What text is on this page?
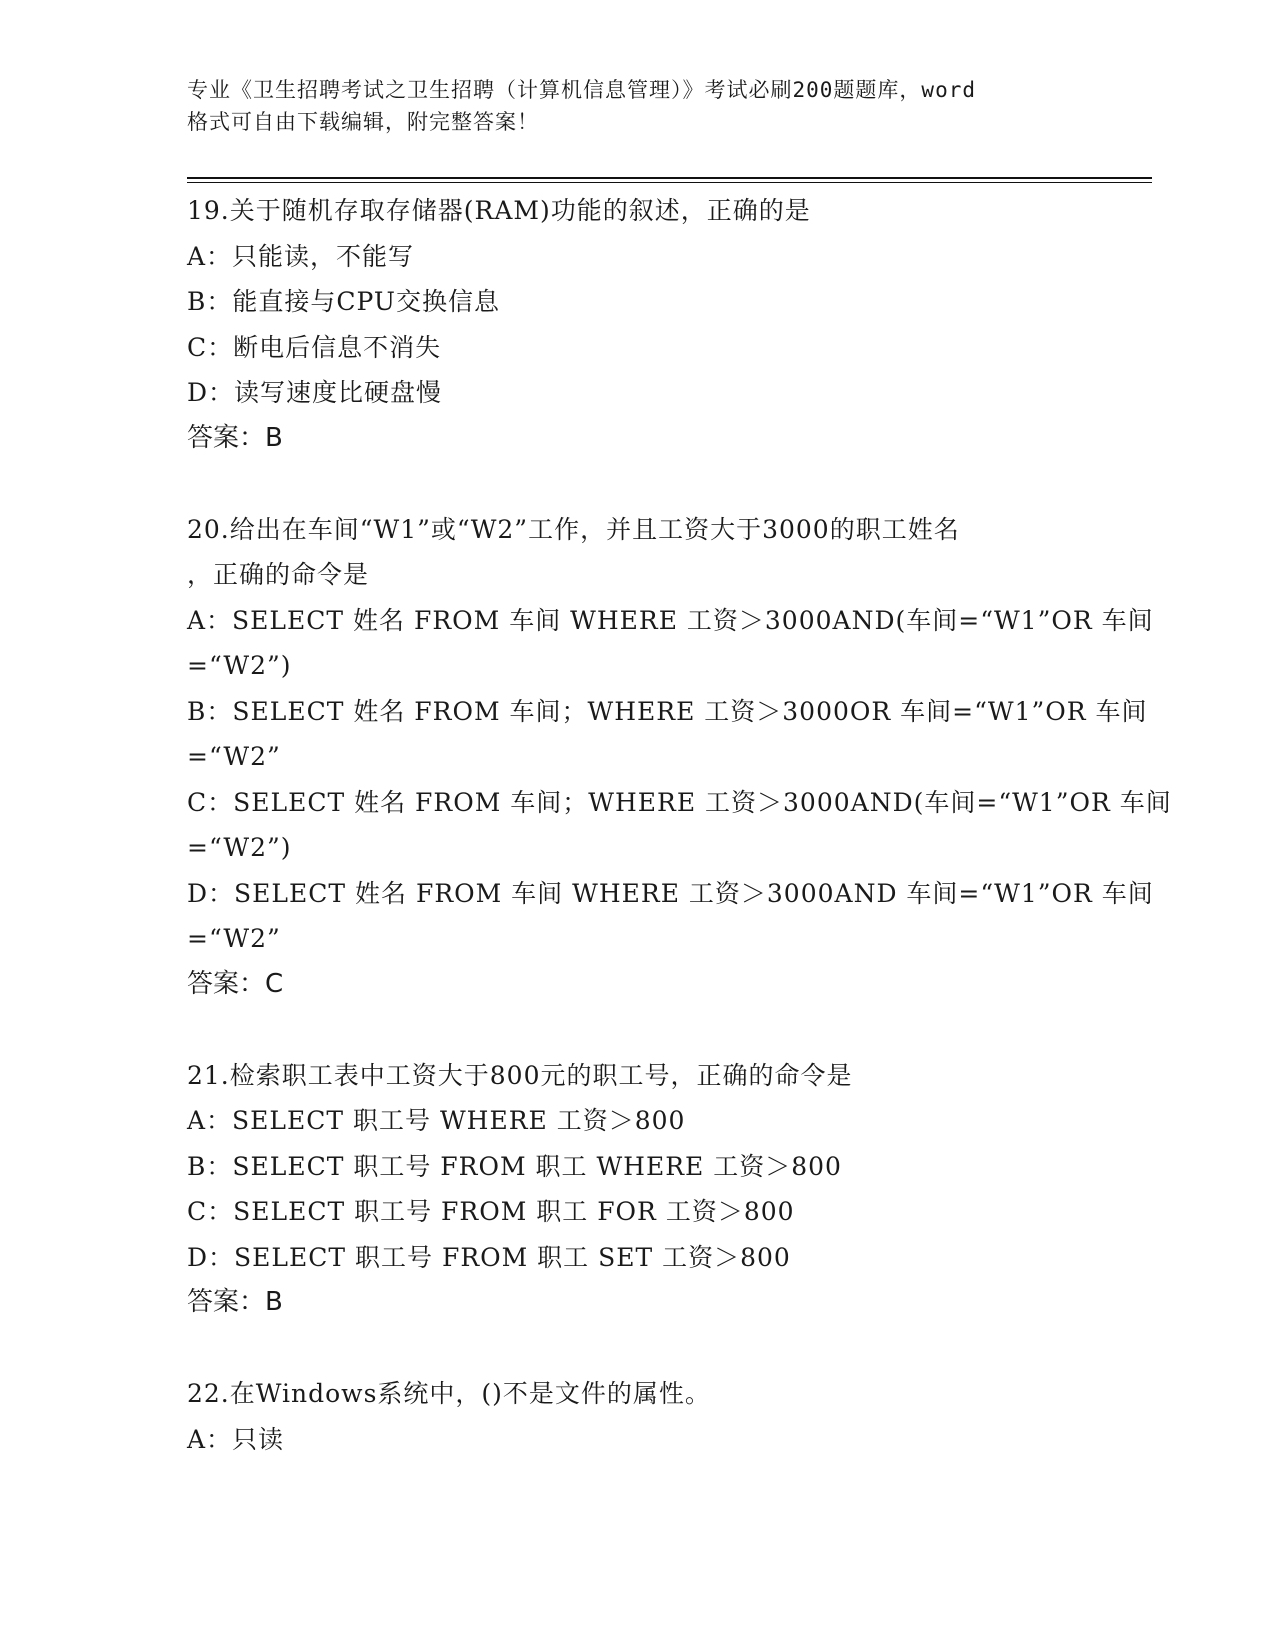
专业《卫生招聘考试之卫生招聘（计算机信息管理）》考试必刷200题题库，word
格式可自由下载编辑，附完整答案！
19.关于随机存取存储器(RAM)功能的叙述，正确的是
A：只能读，不能写
B：能直接与CPU交换信息
C：断电后信息不消失
D：读写速度比硬盘慢
答案：B
20.给出在车间“W1”或“W2”工作，并且工资大于3000的职工姓名
，正确的命令是
A：SELECT 姓名 FROM 车间 WHERE 工资＞3000AND(车间=“W1”OR 车间
=“W2”)
B：SELECT 姓名 FROM 车间；WHERE 工资＞3000OR 车间=“W1”OR 车间
=“W2”
C：SELECT 姓名 FROM 车间；WHERE 工资＞3000AND(车间=“W1”OR 车间
=“W2”)
D：SELECT 姓名 FROM 车间 WHERE 工资＞3000AND 车间=“W1”OR 车间
=“W2”
答案：C
21.检索职工表中工资大于800元的职工号，正确的命令是
A：SELECT 职工号 WHERE 工资＞800
B：SELECT 职工号 FROM 职工 WHERE 工资＞800
C：SELECT 职工号 FROM 职工 FOR 工资＞800
D：SELECT 职工号 FROM 职工 SET 工资＞800
答案：B
22.在Windows系统中，()不是文件的属性。
A：只读
